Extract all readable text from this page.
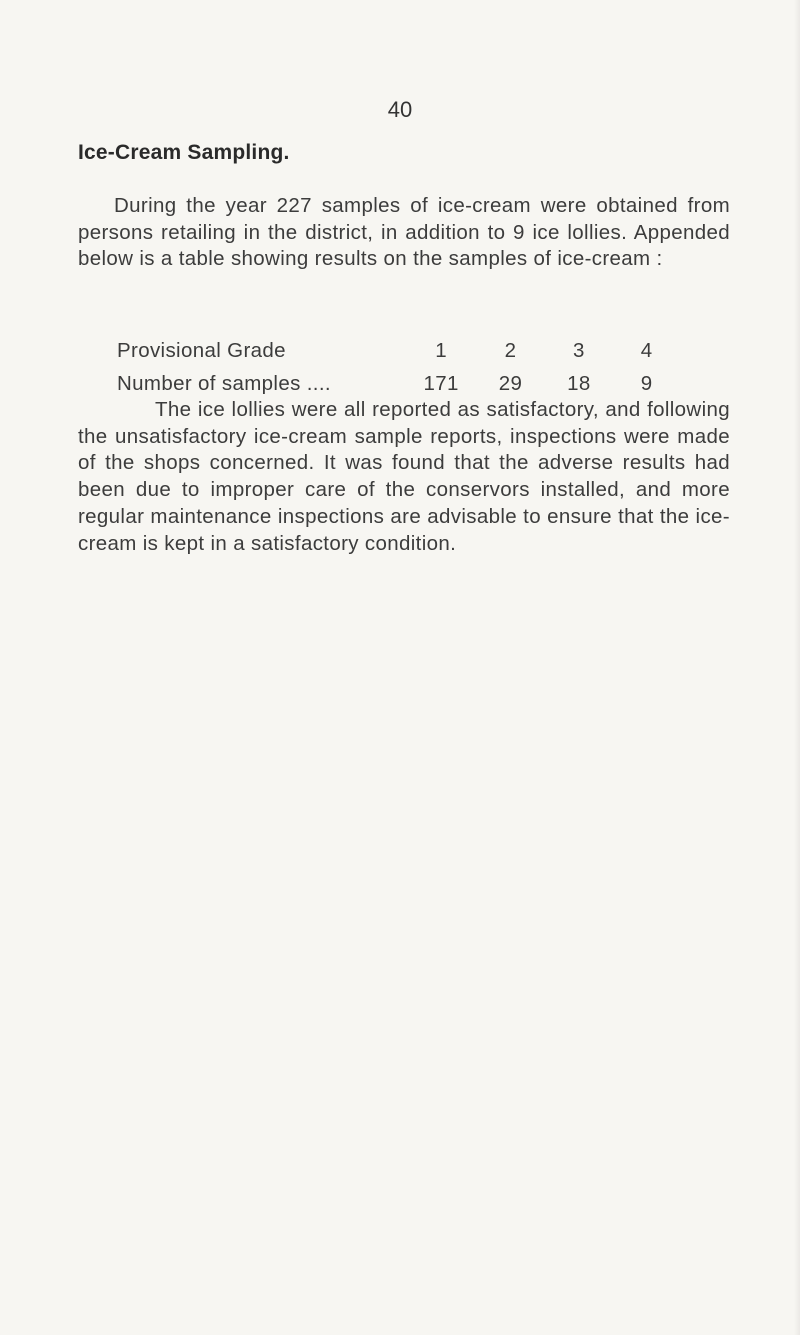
40
Ice-Cream Sampling.
During the year 227 samples of ice-cream were obtained from persons retailing in the district, in addition to 9 ice lollies. Appended below is a table showing results on the samples of ice-cream :
Provisional Grade	1	2	3	4
Number of samples ....	171	29	18	9
The ice lollies were all reported as satisfactory, and following the unsatisfactory ice-cream sample reports, inspections were made of the shops concerned. It was found that the adverse results had been due to improper care of the conservors installed, and more regular maintenance inspections are advisable to ensure that the ice-cream is kept in a satisfactory condition.
